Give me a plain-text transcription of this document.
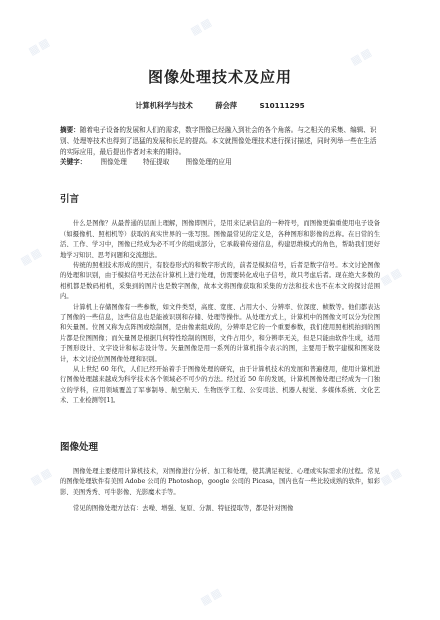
▦▦
▦▦
▦▦
▦▦
▦▦
▦▦	▦▦
▦▦
图像处理技术及应用
计算机科学与技术	薛会萍	S10111295
摘要：随着电子设备的发展和人们的需求，数字图像已经融入到社会的各个角落。与之相关的采集、编辑、识别、处理等技术也得到了迅猛的发展和长足的提高。本文就图像处理技术进行探讨描述，同时列举一些在生活的实际应用，最后提出作者对未来的期待。
关键字： 图像处理 特征提取 图像处理的应用
引言

什么是图像？从最普通的层面上理解，图像即图片，是用来记录信息的一种符号，而图像更偏重使用电子设备（如摄像机、照相机等）获取的真实世界的一张写照。图像最常见的定义是，各种图形和影像的总称。在日常的生活、工作、学习中，图像已经成为必不可少的组成部分，它承载着传递信息，构建思维模式的角色，帮助我们更好地学习知识、思考问题和交流想法。

传统的照相技术形成的照片，有胶卷形式的和数字形式的，前者是模拟信号，后者是数字信号。本文讨论图像的处理和识别，由于模拟信号无法在计算机上进行处理，仿需要转化成电子信号，故只考虑后者。现在绝大多数的相机都是数码相机，采集到的图片也是数字图像，故本文将图像获取和采集的方法和技术也不在本文的探讨范围内。

计算机上存储图像有一些参数，如文件类型，高度、宽度、占用大小、分辨率、位深度、帧数等。他们都表达了图像的一些信息，这些信息也是能被识别和存储、处理等操作。从处理方式上，计算机中的图像文可以分为位图和矢量图。位图又称为点阵图或绘制图，是由像素组成的，分辨率是它的一个重要参数，我们使用照相机拍到的图片都是位图图像；而矢量图是根据几何特性绘制的图形，文件占用少，和分辨率无关，但是只能由软件生成，适用于图形设计、文字设计和标志设计等。矢量图像是用一系列的计算机指令表示的图，主要用于数字建模和图案设计，本文讨论位图图像处理和识别。

从上世纪 60 年代，人们已经开始着手于图像处理的研究，由于计算机技术的发展和普遍使用，使用计算机进行图像处理越来越成为科学技术各个领域必不可少的方法。经过近 50 年的发展，计算机图像处理已经成为一门独立的学科，应用领域覆盖了军事制导、航空航天、生物医学工程、公安司法、机器人视觉、多媒体系统、文化艺术、工业检测等[1]。

图像处理

图像处理主要使用计算机技术，对图像进行分析、加工和处理，使其满足视觉、心理或实际需求的过程。常见的图像处理软件有美国 Adobe 公司的 Photoshop，google 公司的 Picasa，国内也有一些比较成熟的软件，如彩影、美图秀秀、可牛影像、光影魔术手等。

常见的图像处理方法有：去噪、增强、复原、分割、特征提取等，都是针对图像
